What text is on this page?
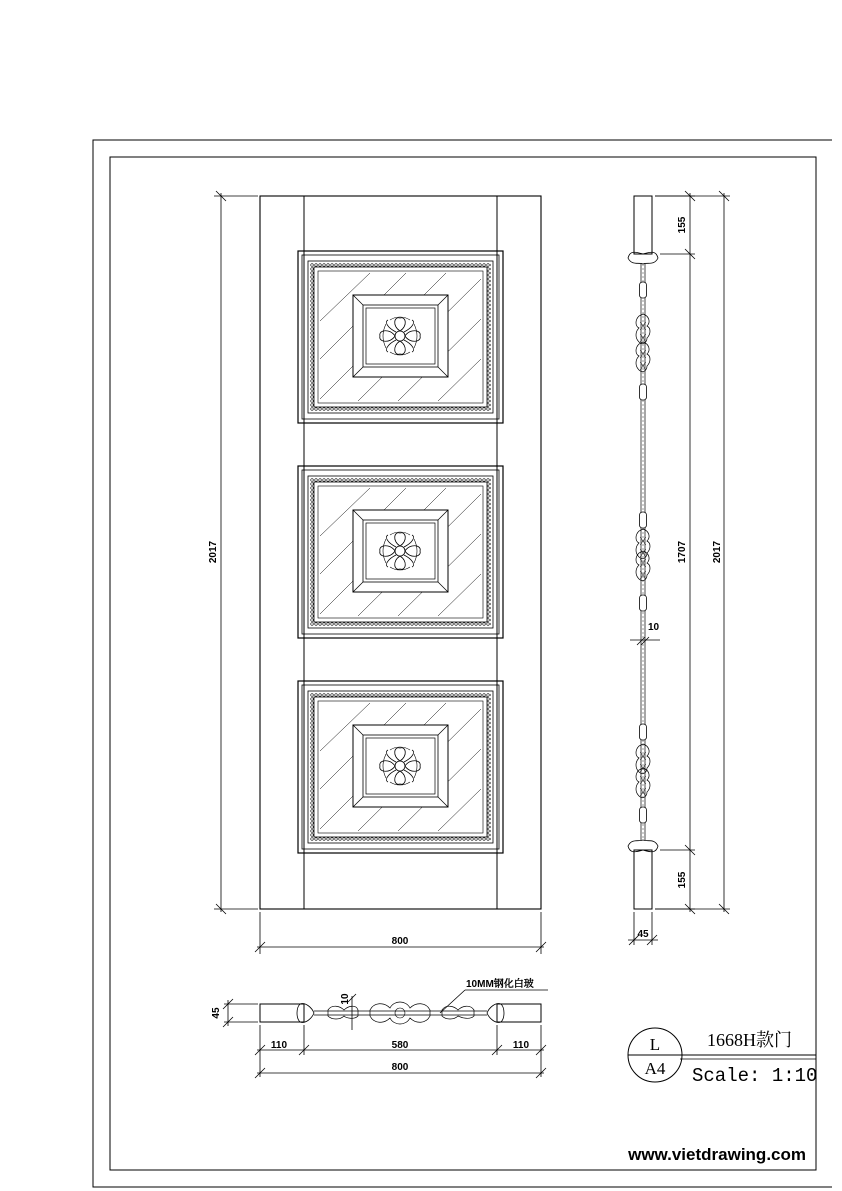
2017
800
155
1707
155
2017
10
45
45
10
10MM钢化白玻
110	580	110
800
L
A4
1668H款门
Scale: 1:10
www.vietdrawing.com
